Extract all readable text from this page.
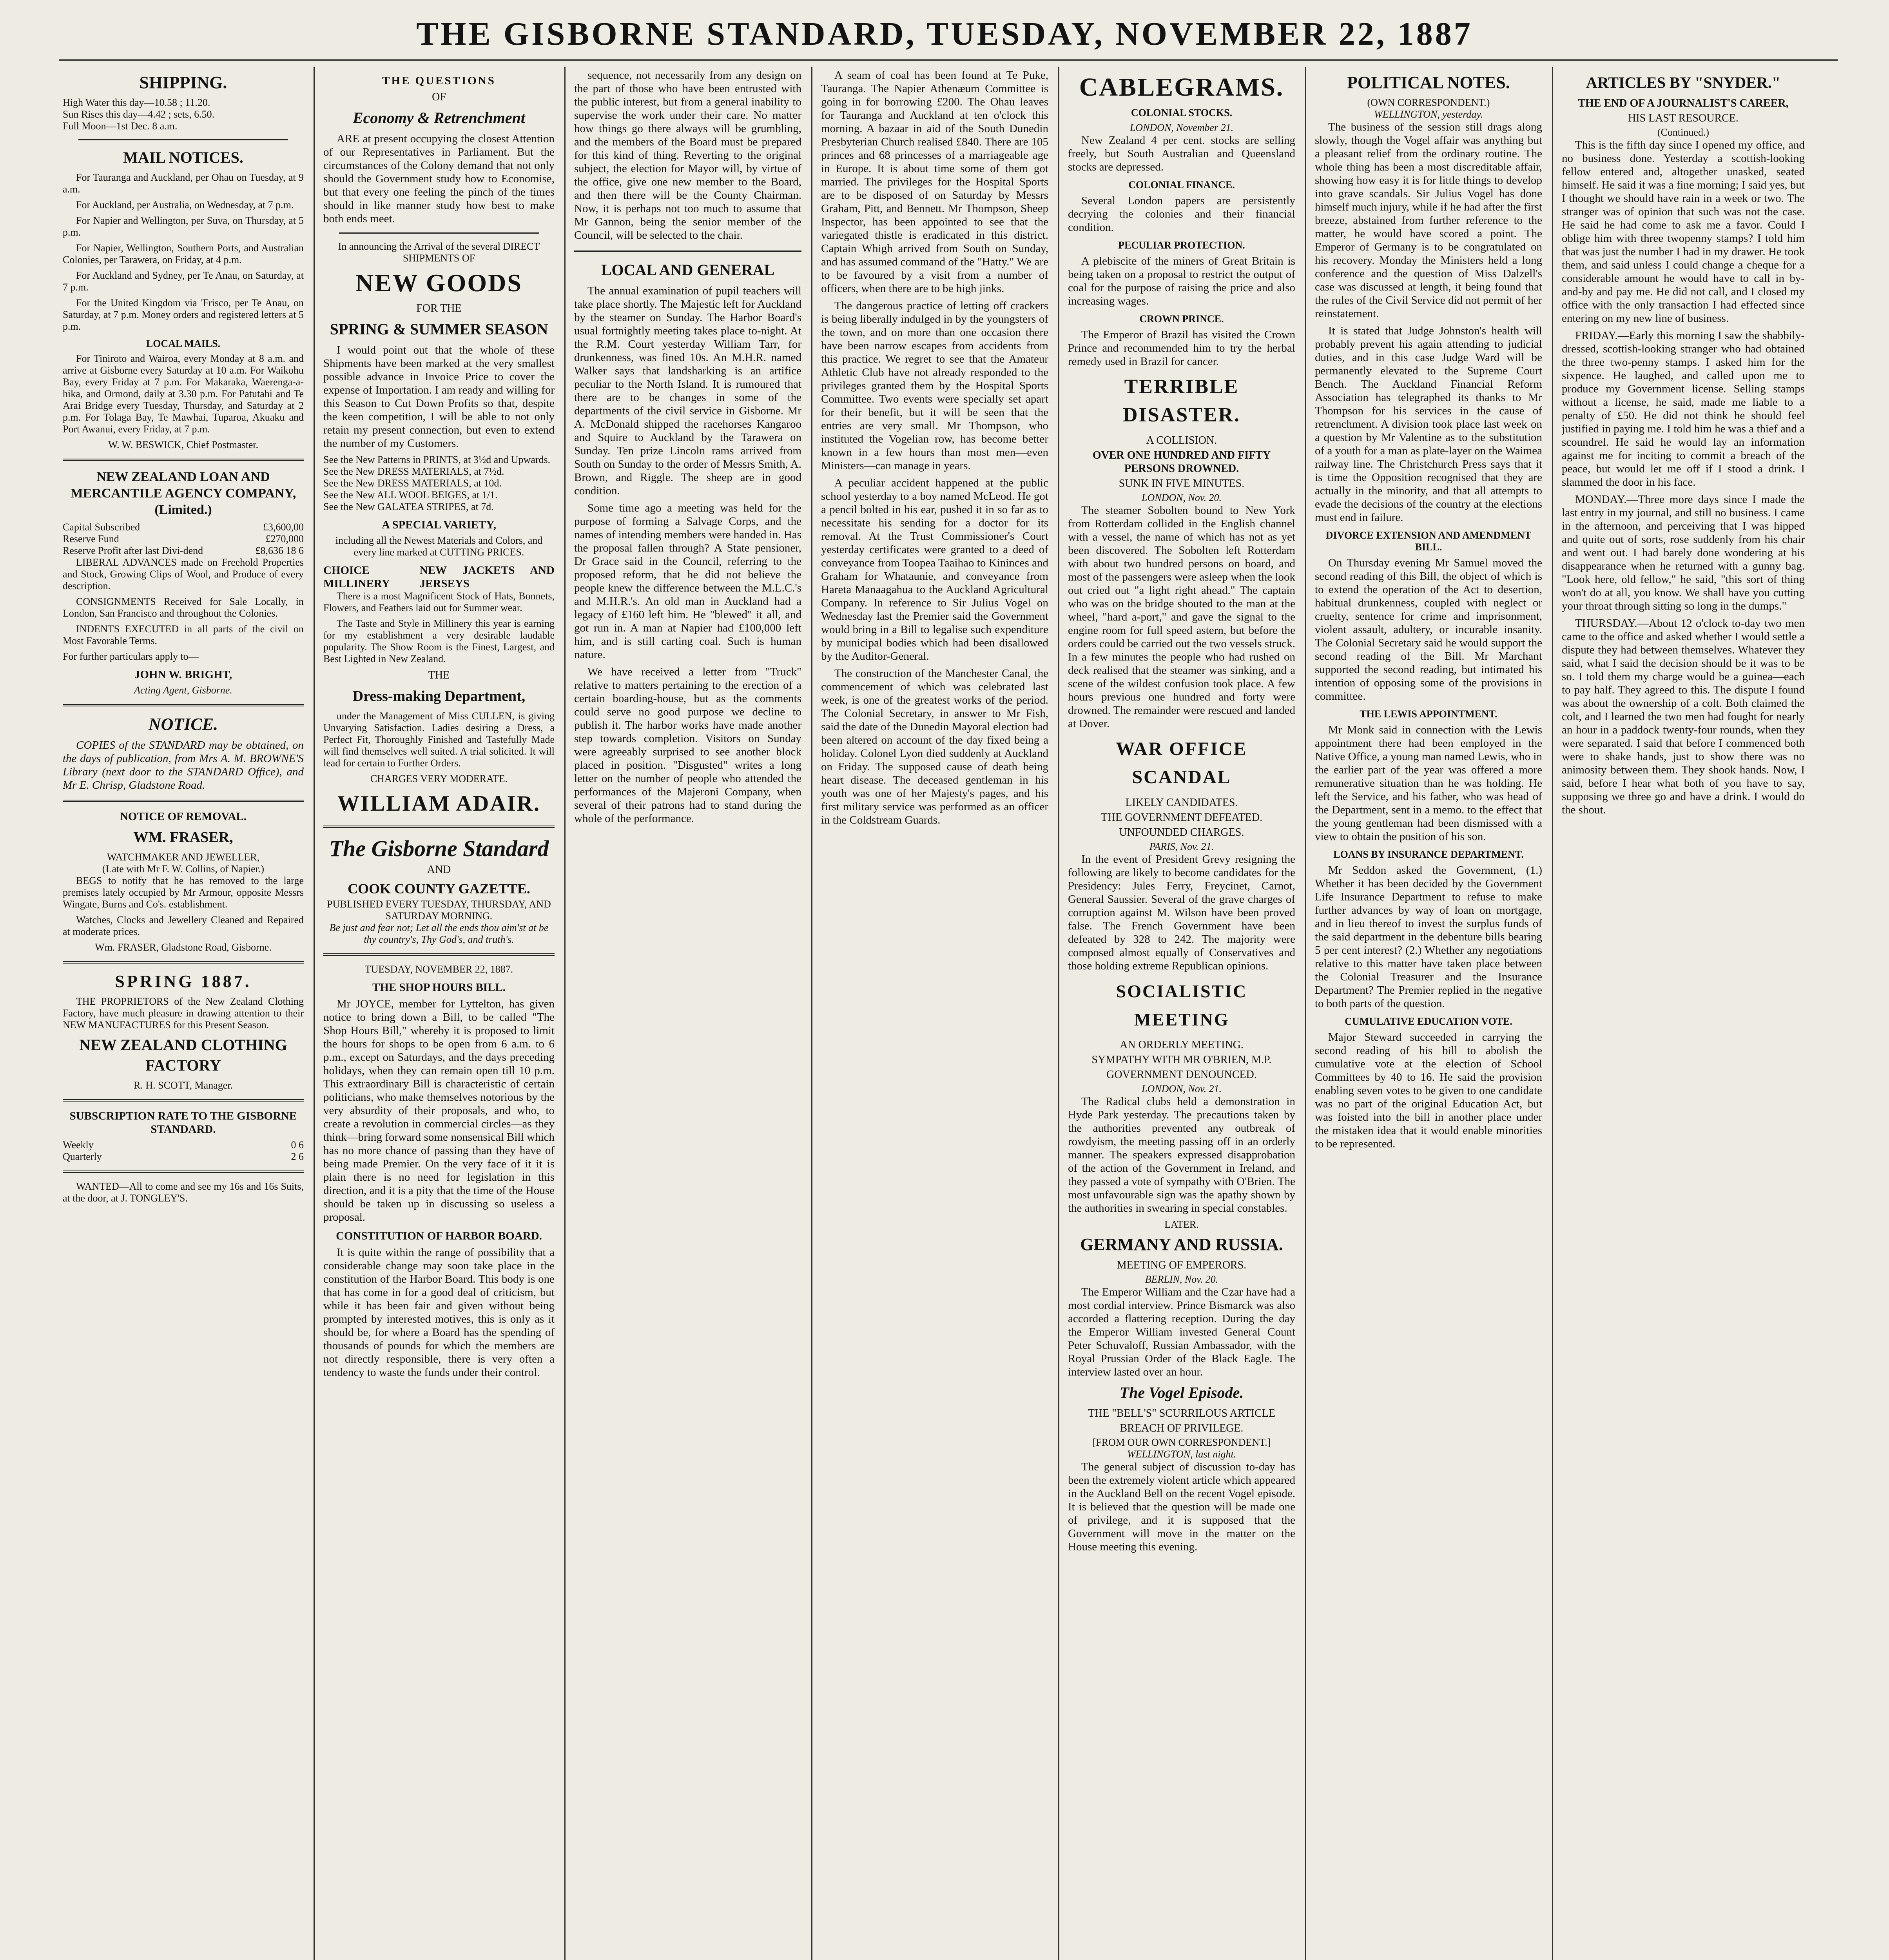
THE GISBORNE STANDARD, TUESDAY, NOVEMBER 22, 1887
SHIPPING.
High Water this day—10.58 ; 11.20.
Sun Rises this day—4.42 ; sets, 6.50.
Full Moon—1st Dec. 8 a.m.
MAIL NOTICES.

For Tauranga and Auckland, per Ohau on Tuesday, at 9 a.m.

For Auckland, per Australia, on Wednesday, at 7 p.m.

For Napier and Wellington, per Suva, on Thursday, at 5 p.m.

For Napier, Wellington, Southern Ports, and Australian Colonies, per Tarawera, on Friday, at 4 p.m.

For Auckland and Sydney, per Te Anau, on Saturday, at 7 p.m.

For the United Kingdom via 'Frisco, per Te Anau, on Saturday, at 7 p.m. Money orders and registered letters at 5 p.m.

LOCAL MAILS.

For Tiniroto and Wairoa, every Monday at 8 a.m. and arrive at Gisborne every Saturday at 10 a.m. For Waikohu Bay, every Friday at 7 p.m. For Makaraka, Waerenga-a-hika, and Ormond, daily at 3.30 p.m. For Patutahi and Te Arai Bridge every Tuesday, Thursday, and Saturday at 2 p.m. For Tolaga Bay, Te Mawhai, Tuparoa, Akuaku and Port Awanui, every Friday, at 7 p.m.

W. W. BESWICK, Chief Postmaster.
NEW ZEALAND LOAN AND MERCANTILE AGENCY COMPANY, (Limited.)
Capital Subscribed	£3,600,00
Reserve Fund	£270,000
Reserve Profit after last Divi-dend	£8,636 18 6

LIBERAL ADVANCES made on Freehold Properties and Stock, Growing Clips of Wool, and Produce of every description.

CONSIGNMENTS Received for Sale Locally, in London, San Francisco and throughout the Colonies.

INDENTS EXECUTED in all parts of the civil on Most Favorable Terms.

For further particulars apply to—
JOHN W. BRIGHT,
Acting Agent, Gisborne.
NOTICE.

COPIES of the STANDARD may be obtained, on the days of publication, from Mrs A. M. BROWNE'S Library (next door to the STANDARD Office), and Mr E. Chrisp, Gladstone Road.

NOTICE OF REMOVAL.
WM. FRASER,
WATCHMAKER AND JEWELLER,
(Late with Mr F. W. Collins, of Napier.)

BEGS to notify that he has removed to the large premises lately occupied by Mr Armour, opposite Messrs Wingate, Burns and Co's. establishment.

Watches, Clocks and Jewellery Cleaned and Repaired at moderate prices.

Wm. FRASER, Gladstone Road, Gisborne.
SPRING 1887.

THE PROPRIETORS of the New Zealand Clothing Factory, have much pleasure in drawing attention to their NEW MANUFACTURES for this Present Season.

NEW ZEALAND CLOTHING FACTORY
R. H. SCOTT, Manager.
SUBSCRIPTION RATE TO THE GISBORNE STANDARD.
Weekly	0 6
Quarterly	2 6

WANTED—All to come and see my 16s and 16s Suits, at the door, at J. TONGLEY'S.

THE QUESTIONS
OF
Economy & Retrenchment

ARE at present occupying the closest Attention of our Representatives in Parliament. But the circumstances of the Colony demand that not only should the Government study how to Economise, but that every one feeling the pinch of the times should in like manner study how best to make both ends meet.

In announcing the Arrival of the several DIRECT SHIPMENTS OF
NEW GOODS
FOR THE
SPRING & SUMMER SEASON

I would point out that the whole of these Shipments have been marked at the very smallest possible advance in Invoice Price to cover the expense of Importation. I am ready and willing for this Season to Cut Down Profits so that, despite the keen competition, I will be able to not only retain my present connection, but even to extend the number of my Customers.

See the New Patterns in PRINTS, at 3½d and Upwards.
See the New DRESS MATERIALS, at 7½d.
See the New DRESS MATERIALS, at 10d.
See the New ALL WOOL BEIGES, at 1/1.
See the New GALATEA STRIPES, at 7d.
A SPECIAL VARIETY,
including all the Newest Materials and Colors, and every line marked at CUTTING PRICES.
CHOICE MILLINERY
NEW JACKETS AND JERSEYS

There is a most Magnificent Stock of Hats, Bonnets, Flowers, and Feathers laid out for Summer wear.

The Taste and Style in Millinery this year is earning for my establishment a very desirable laudable popularity. The Show Room is the Finest, Largest, and Best Lighted in New Zealand.

THE
Dress-making Department,

under the Management of Miss CULLEN, is giving Unvarying Satisfaction. Ladies desiring a Dress, a Perfect Fit, Thoroughly Finished and Tastefully Made will find themselves well suited. A trial solicited. It will lead for certain to Further Orders.

CHARGES VERY MODERATE.
WILLIAM ADAIR.
The Gisborne Standard
AND
COOK COUNTY GAZETTE.
PUBLISHED EVERY TUESDAY, THURSDAY, AND SATURDAY MORNING.
Be just and fear not; Let all the ends thou aim'st at be thy country's, Thy God's, and truth's.
TUESDAY, NOVEMBER 22, 1887.
THE SHOP HOURS BILL.

Mr JOYCE, member for Lyttelton, has given notice to bring down a Bill, to be called "The Shop Hours Bill," whereby it is proposed to limit the hours for shops to be open from 6 a.m. to 6 p.m., except on Saturdays, and the days preceding holidays, when they can remain open till 10 p.m. This extraordinary Bill is characteristic of certain politicians, who make themselves notorious by the very absurdity of their proposals, and who, to create a revolution in commercial circles—as they think—bring forward some nonsensical Bill which has no more chance of passing than they have of being made Premier. On the very face of it it is plain there is no need for legislation in this direction, and it is a pity that the time of the House should be taken up in discussing so useless a proposal.

CONSTITUTION OF HARBOR BOARD.

It is quite within the range of possibility that a considerable change may soon take place in the constitution of the Harbor Board. This body is one that has come in for a good deal of criticism, but while it has been fair and given without being prompted by interested motives, this is only as it should be, for where a Board has the spending of thousands of pounds for which the members are not directly responsible, there is very often a tendency to waste the funds under their control.

sequence, not necessarily from any design on the part of those who have been entrusted with the public interest, but from a general inability to supervise the work under their care. No matter how things go there always will be grumbling, and the members of the Board must be prepared for this kind of thing. Reverting to the original subject, the election for Mayor will, by virtue of the office, give one new member to the Board, and then there will be the County Chairman. Now, it is perhaps not too much to assume that Mr Gannon, being the senior member of the Council, will be selected to the chair.

LOCAL AND GENERAL

The annual examination of pupil teachers will take place shortly. The Majestic left for Auckland by the steamer on Sunday. The Harbor Board's usual fortnightly meeting takes place to-night. At the R.M. Court yesterday William Tarr, for drunkenness, was fined 10s. An M.H.R. named Walker says that landsharking is an artifice peculiar to the North Island. It is rumoured that there are to be changes in some of the departments of the civil service in Gisborne. Mr A. McDonald shipped the racehorses Kangaroo and Squire to Auckland by the Tarawera on Sunday. Ten prize Lincoln rams arrived from South on Sunday to the order of Messrs Smith, A. Brown, and Riggle. The sheep are in good condition.

Some time ago a meeting was held for the purpose of forming a Salvage Corps, and the names of intending members were handed in. Has the proposal fallen through? A State pensioner, Dr Grace said in the Council, referring to the proposed reform, that he did not believe the people knew the difference between the M.L.C.'s and M.H.R.'s. An old man in Auckland had a legacy of £160 left him. He "blewed" it all, and got run in. A man at Napier had £100,000 left him, and is still carting coal. Such is human nature.

We have received a letter from "Truck" relative to matters pertaining to the erection of a certain boarding-house, but as the comments could serve no good purpose we decline to publish it. The harbor works have made another step towards completion. Visitors on Sunday were agreeably surprised to see another block placed in position. "Disgusted" writes a long letter on the number of people who attended the performances of the Majeroni Company, when several of their patrons had to stand during the whole of the performance.

A seam of coal has been found at Te Puke, Tauranga. The Napier Athenæum Committee is going in for borrowing £200. The Ohau leaves for Tauranga and Auckland at ten o'clock this morning. A bazaar in aid of the South Dunedin Presbyterian Church realised £840. There are 105 princes and 68 princesses of a marriageable age in Europe. It is about time some of them got married. The privileges for the Hospital Sports are to be disposed of on Saturday by Messrs Graham, Pitt, and Bennett. Mr Thompson, Sheep Inspector, has been appointed to see that the variegated thistle is eradicated in this district. Captain Whigh arrived from South on Sunday, and has assumed command of the "Hatty." We are to be favoured by a visit from a number of officers, when there are to be high jinks.

The dangerous practice of letting off crackers is being liberally indulged in by the youngsters of the town, and on more than one occasion there have been narrow escapes from accidents from this practice. We regret to see that the Amateur Athletic Club have not already responded to the privileges granted them by the Hospital Sports Committee. Two events were specially set apart for their benefit, but it will be seen that the entries are very small. Mr Thompson, who instituted the Vogelian row, has become better known in a few hours than most men—even Ministers—can manage in years.

A peculiar accident happened at the public school yesterday to a boy named McLeod. He got a pencil bolted in his ear, pushed it in so far as to necessitate his sending for a doctor for its removal. At the Trust Commissioner's Court yesterday certificates were granted to a deed of conveyance from Toopea Taaihao to Kininces and Graham for Whataunie, and conveyance from Hareta Manaagahua to the Auckland Agricultural Company. In reference to Sir Julius Vogel on Wednesday last the Premier said the Government would bring in a Bill to legalise such expenditure by municipal bodies which had been disallowed by the Auditor-General.

The construction of the Manchester Canal, the commencement of which was celebrated last week, is one of the greatest works of the period. The Colonial Secretary, in answer to Mr Fish, said the date of the Dunedin Mayoral election had been altered on account of the day fixed being a holiday. Colonel Lyon died suddenly at Auckland on Friday. The supposed cause of death being heart disease. The deceased gentleman in his youth was one of her Majesty's pages, and his first military service was performed as an officer in the Coldstream Guards.

CABLEGRAMS.
COLONIAL STOCKS.
LONDON, November 21.

New Zealand 4 per cent. stocks are selling freely, but South Australian and Queensland stocks are depressed.

COLONIAL FINANCE.

Several London papers are persistently decrying the colonies and their financial condition.

PECULIAR PROTECTION.

A plebiscite of the miners of Great Britain is being taken on a proposal to restrict the output of coal for the purpose of raising the price and also increasing wages.

CROWN PRINCE.

The Emperor of Brazil has visited the Crown Prince and recommended him to try the herbal remedy used in Brazil for cancer.

TERRIBLE DISASTER.
A COLLISION.
OVER ONE HUNDRED AND FIFTY PERSONS DROWNED.
SUNK IN FIVE MINUTES.
LONDON, Nov. 20.

The steamer Sobolten bound to New York from Rotterdam collided in the English channel with a vessel, the name of which has not as yet been discovered. The Sobolten left Rotterdam with about two hundred persons on board, and most of the passengers were asleep when the look out cried out "a light right ahead." The captain who was on the bridge shouted to the man at the wheel, "hard a-port," and gave the signal to the engine room for full speed astern, but before the orders could be carried out the two vessels struck. In a few minutes the people who had rushed on deck realised that the steamer was sinking, and a scene of the wildest confusion took place. A few hours previous one hundred and forty were drowned. The remainder were rescued and landed at Dover.

WAR OFFICE SCANDAL
LIKELY CANDIDATES.
THE GOVERNMENT DEFEATED.
UNFOUNDED CHARGES.
PARIS, Nov. 21.

In the event of President Grevy resigning the following are likely to become candidates for the Presidency: Jules Ferry, Freycinet, Carnot, General Saussier. Several of the grave charges of corruption against M. Wilson have been proved false. The French Government have been defeated by 328 to 242. The majority were composed almost equally of Conservatives and those holding extreme Republican opinions.

SOCIALISTIC MEETING
AN ORDERLY MEETING.
SYMPATHY WITH MR O'BRIEN, M.P.
GOVERNMENT DENOUNCED.
LONDON, Nov. 21.

The Radical clubs held a demonstration in Hyde Park yesterday. The precautions taken by the authorities prevented any outbreak of rowdyism, the meeting passing off in an orderly manner. The speakers expressed disapprobation of the action of the Government in Ireland, and they passed a vote of sympathy with O'Brien. The most unfavourable sign was the apathy shown by the authorities in swearing in special constables.

LATER.
GERMANY AND RUSSIA.
MEETING OF EMPERORS.
BERLIN, Nov. 20.

The Emperor William and the Czar have had a most cordial interview. Prince Bismarck was also accorded a flattering reception. During the day the Emperor William invested General Count Peter Schuvaloff, Russian Ambassador, with the Royal Prussian Order of the Black Eagle. The interview lasted over an hour.

The Vogel Episode.
THE "BELL'S" SCURRILOUS ARTICLE
BREACH OF PRIVILEGE.
[FROM OUR OWN CORRESPONDENT.]
WELLINGTON, last night.

The general subject of discussion to-day has been the extremely violent article which appeared in the Auckland Bell on the recent Vogel episode. It is believed that the question will be made one of privilege, and it is supposed that the Government will move in the matter on the House meeting this evening.

POLITICAL NOTES.
(OWN CORRESPONDENT.)
WELLINGTON, yesterday.

The business of the session still drags along slowly, though the Vogel affair was anything but a pleasant relief from the ordinary routine. The whole thing has been a most discreditable affair, showing how easy it is for little things to develop into grave scandals. Sir Julius Vogel has done himself much injury, while if he had after the first breeze, abstained from further reference to the matter, he would have scored a point. The Emperor of Germany is to be congratulated on his recovery. Monday the Ministers held a long conference and the question of Miss Dalzell's case was discussed at length, it being found that the rules of the Civil Service did not permit of her reinstatement.

It is stated that Judge Johnston's health will probably prevent his again attending to judicial duties, and in this case Judge Ward will be permanently elevated to the Supreme Court Bench. The Auckland Financial Reform Association has telegraphed its thanks to Mr Thompson for his services in the cause of retrenchment. A division took place last week on a question by Mr Valentine as to the substitution of a youth for a man as plate-layer on the Waimea railway line. The Christchurch Press says that it is time the Opposition recognised that they are actually in the minority, and that all attempts to evade the decisions of the country at the elections must end in failure.

DIVORCE EXTENSION AND AMENDMENT BILL.

On Thursday evening Mr Samuel moved the second reading of this Bill, the object of which is to extend the operation of the Act to desertion, habitual drunkenness, coupled with neglect or cruelty, sentence for crime and imprisonment, violent assault, adultery, or incurable insanity. The Colonial Secretary said he would support the second reading of the Bill. Mr Marchant supported the second reading, but intimated his intention of opposing some of the provisions in committee.

THE LEWIS APPOINTMENT.

Mr Monk said in connection with the Lewis appointment there had been employed in the Native Office, a young man named Lewis, who in the earlier part of the year was offered a more remunerative situation than he was holding. He left the Service, and his father, who was head of the Department, sent in a memo. to the effect that the young gentleman had been dismissed with a view to obtain the position of his son.

LOANS BY INSURANCE DEPARTMENT.

Mr Seddon asked the Government, (1.) Whether it has been decided by the Government Life Insurance Department to refuse to make further advances by way of loan on mortgage, and in lieu thereof to invest the surplus funds of the said department in the debenture bills bearing 5 per cent interest? (2.) Whether any negotiations relative to this matter have taken place between the Colonial Treasurer and the Insurance Department? The Premier replied in the negative to both parts of the question.

CUMULATIVE EDUCATION VOTE.

Major Steward succeeded in carrying the second reading of his bill to abolish the cumulative vote at the election of School Committees by 40 to 16. He said the provision enabling seven votes to be given to one candidate was no part of the original Education Act, but was foisted into the bill in another place under the mistaken idea that it would enable minorities to be represented.

ARTICLES BY "SNYDER."
THE END OF A JOURNALIST'S CAREER,
HIS LAST RESOURCE.
(Continued.)

This is the fifth day since I opened my office, and no business done. Yesterday a scottish-looking fellow entered and, altogether unasked, seated himself. He said it was a fine morning; I said yes, but I thought we should have rain in a week or two. The stranger was of opinion that such was not the case. He said he had come to ask me a favor. Could I oblige him with three twopenny stamps? I told him that was just the number I had in my drawer. He took them, and said unless I could change a cheque for a considerable amount he would have to call in by-and-by and pay me. He did not call, and I closed my office with the only transaction I had effected since entering on my new line of business.

FRIDAY.—Early this morning I saw the shabbily-dressed, scottish-looking stranger who had obtained the three two-penny stamps. I asked him for the sixpence. He laughed, and called upon me to produce my Government license. Selling stamps without a license, he said, made me liable to a penalty of £50. He did not think he should feel justified in paying me. I told him he was a thief and a scoundrel. He said he would lay an information against me for inciting to commit a breach of the peace, but would let me off if I stood a drink. I slammed the door in his face.

MONDAY.—Three more days since I made the last entry in my journal, and still no business. I came in the afternoon, and perceiving that I was hipped and quite out of sorts, rose suddenly from his chair and went out. I had barely done wondering at his disappearance when he returned with a gunny bag. "Look here, old fellow," he said, "this sort of thing won't do at all, you know. We shall have you cutting your throat through sitting so long in the dumps."

THURSDAY.—About 12 o'clock to-day two men came to the office and asked whether I would settle a dispute they had between themselves. Whatever they said, what I said the decision should be it was to be so. I told them my charge would be a guinea—each to pay half. They agreed to this. The dispute I found was about the ownership of a colt. Both claimed the colt, and I learned the two men had fought for nearly an hour in a paddock twenty-four rounds, when they were separated. I said that before I commenced both were to shake hands, just to show there was no animosity between them. They shook hands. Now, I said, before I hear what both of you have to say, supposing we three go and have a drink. I would do the shout.
